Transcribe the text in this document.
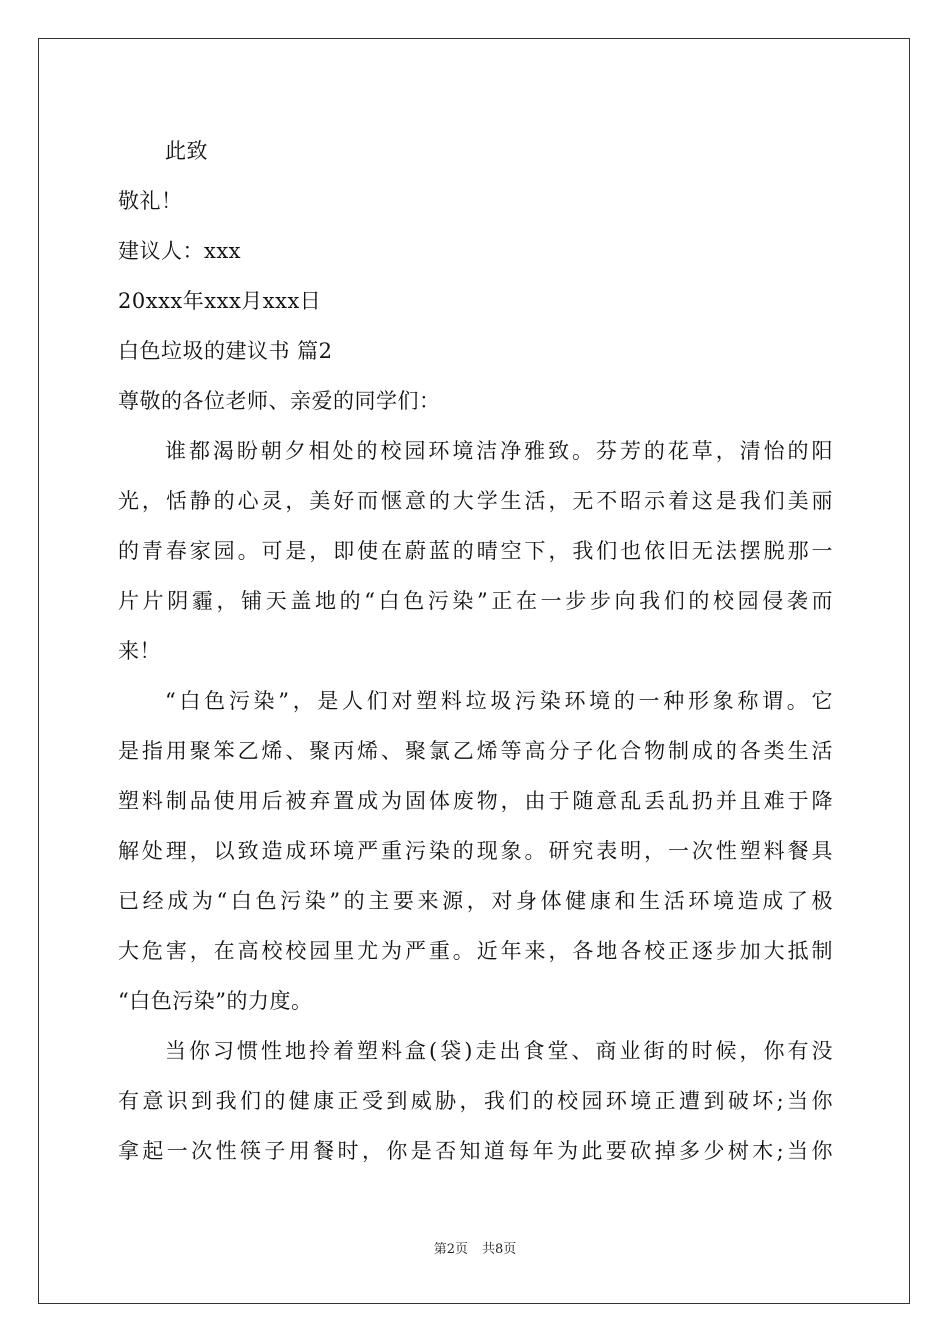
此致
敬礼！
建议人：xxx
20xxx年xxx月xxx日
白色垃圾的建议书 篇2
尊敬的各位老师、亲爱的同学们：
谁都渴盼朝夕相处的校园环境洁净雅致。芬芳的花草，清怡的阳
光，恬静的心灵，美好而惬意的大学生活，无不昭示着这是我们美丽
的青春家园。可是，即使在蔚蓝的晴空下，我们也依旧无法摆脱那一
片片阴霾，铺天盖地的“白色污染”正在一步步向我们的校园侵袭而
来！
“白色污染”，是人们对塑料垃圾污染环境的一种形象称谓。它
是指用聚笨乙烯、聚丙烯、聚氯乙烯等高分子化合物制成的各类生活
塑料制品使用后被弃置成为固体废物，由于随意乱丢乱扔并且难于降
解处理，以致造成环境严重污染的现象。研究表明，一次性塑料餐具
已经成为“白色污染”的主要来源，对身体健康和生活环境造成了极
大危害，在高校校园里尤为严重。近年来，各地各校正逐步加大抵制
“白色污染”的力度。
当你习惯性地拎着塑料盒(袋)走出食堂、商业街的时候，你有没
有意识到我们的健康正受到威胁，我们的校园环境正遭到破坏;当你
拿起一次性筷子用餐时，你是否知道每年为此要砍掉多少树木;当你
第2页 共8页
